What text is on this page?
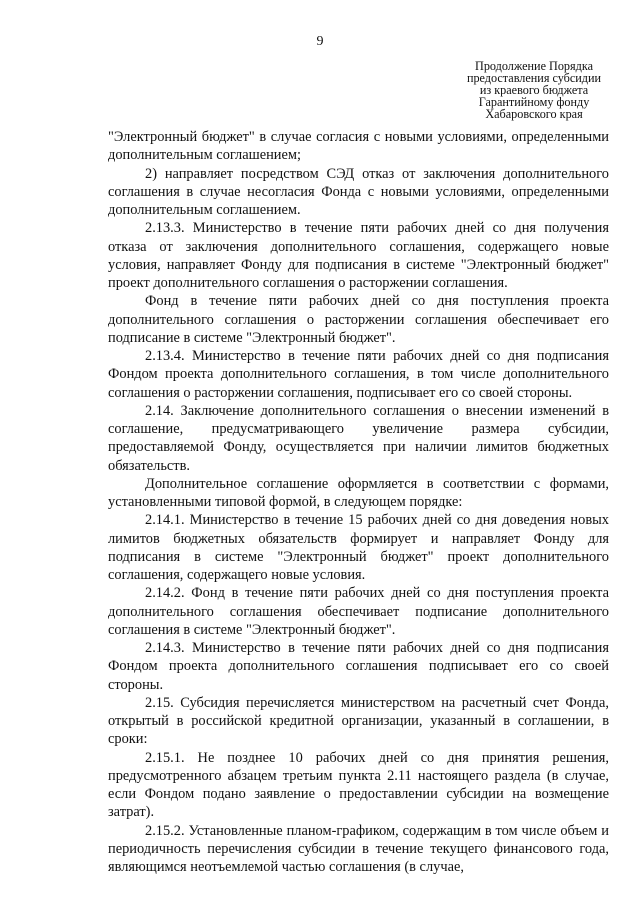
9
Продолжение Порядка
предоставления субсидии
из краевого бюджета
Гарантийному фонду
Хабаровского края

"Электронный бюджет" в случае согласия с новыми условиями, определенными дополнительным соглашением;

2) направляет посредством СЭД отказ от заключения дополнительного соглашения в случае несогласия Фонда с новыми условиями, определенными дополнительным соглашением.

2.13.3. Министерство в течение пяти рабочих дней со дня получения отказа от заключения дополнительного соглашения, содержащего новые условия, направляет Фонду для подписания в системе "Электронный бюджет" проект дополнительного соглашения о расторжении соглашения.

Фонд в течение пяти рабочих дней со дня поступления проекта дополнительного соглашения о расторжении соглашения обеспечивает его подписание в системе "Электронный бюджет".

2.13.4. Министерство в течение пяти рабочих дней со дня подписания Фондом проекта дополнительного соглашения, в том числе дополнительного соглашения о расторжении соглашения, подписывает его со своей стороны.

2.14. Заключение дополнительного соглашения о внесении изменений в соглашение, предусматривающего увеличение размера субсидии, предоставляемой Фонду, осуществляется при наличии лимитов бюджетных обязательств.

Дополнительное соглашение оформляется в соответствии с формами, установленными типовой формой, в следующем порядке:

2.14.1. Министерство в течение 15 рабочих дней со дня доведения новых лимитов бюджетных обязательств формирует и направляет Фонду для подписания в системе "Электронный бюджет" проект дополнительного соглашения, содержащего новые условия.

2.14.2. Фонд в течение пяти рабочих дней со дня поступления проекта дополнительного соглашения обеспечивает подписание дополнительного соглашения в системе "Электронный бюджет".

2.14.3. Министерство в течение пяти рабочих дней со дня подписания Фондом проекта дополнительного соглашения подписывает его со своей стороны.

2.15. Субсидия перечисляется министерством на расчетный счет Фонда, открытый в российской кредитной организации, указанный в соглашении, в сроки:

2.15.1. Не позднее 10 рабочих дней со дня принятия решения, предусмотренного абзацем третьим пункта 2.11 настоящего раздела (в случае, если Фондом подано заявление о предоставлении субсидии на возмещение затрат).

2.15.2. Установленные планом-графиком, содержащим в том числе объем и периодичность перечисления субсидии в течение текущего финансового года, являющимся неотъемлемой частью соглашения (в случае,
